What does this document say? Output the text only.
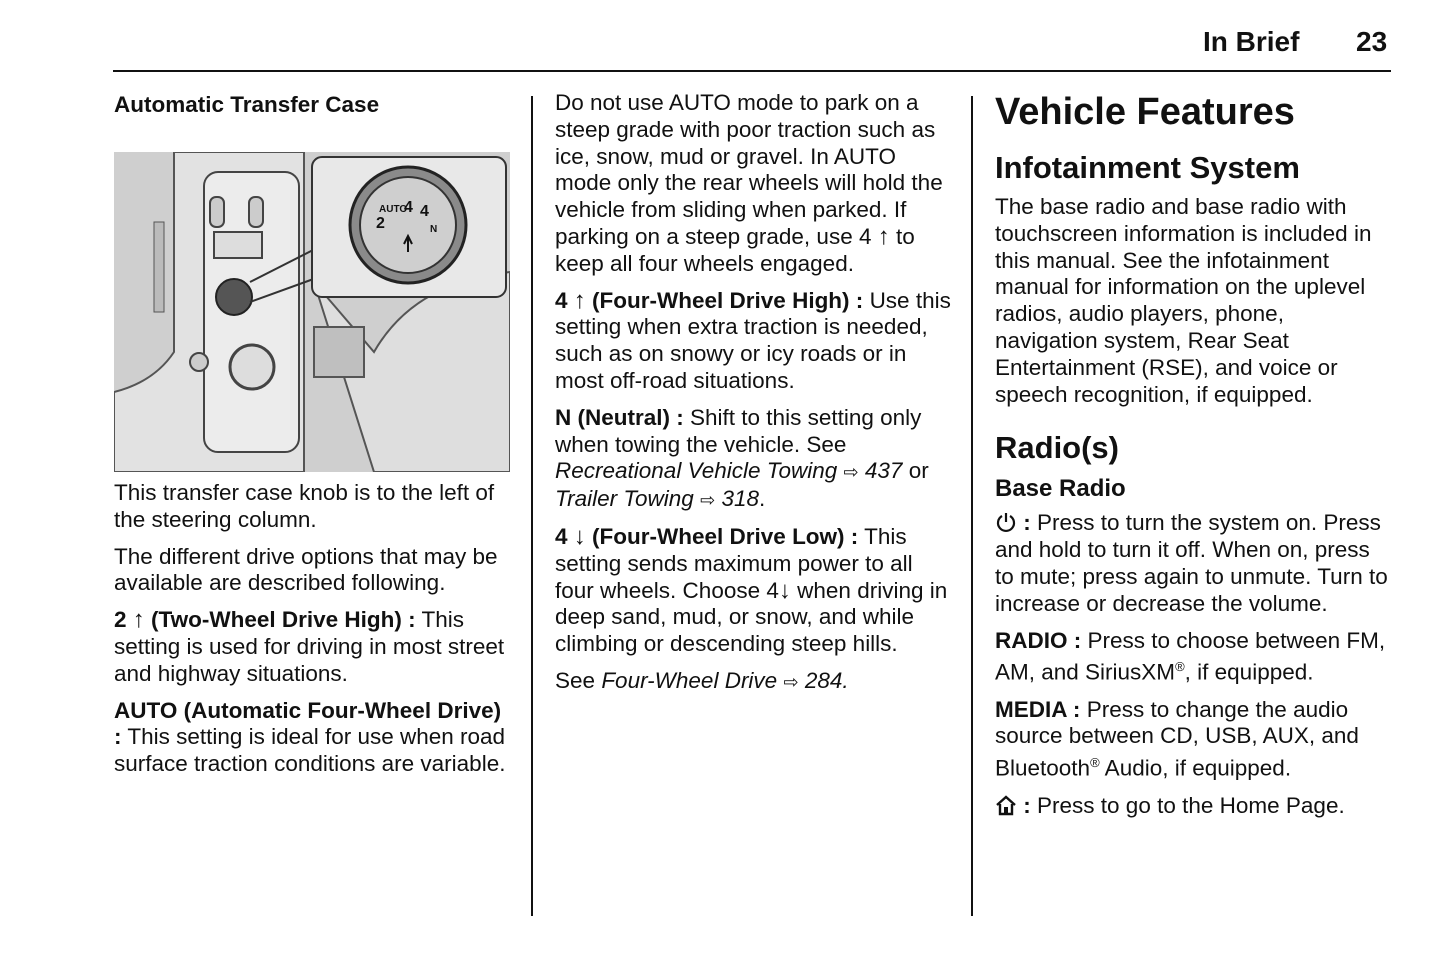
In Brief 23
Automatic Transfer Case
AUTO
4 4
2	N

This transfer case knob is to the left of the steering column.

The different drive options that may be available are described following.

2 ↑ (Two-Wheel Drive High) : This setting is used for driving in most street and highway situations.

AUTO (Automatic Four-Wheel Drive) : This setting is ideal for use when road surface traction conditions are variable.

Do not use AUTO mode to park on a steep grade with poor traction such as ice, snow, mud or gravel. In AUTO mode only the rear wheels will hold the vehicle from sliding when parked. If parking on a steep grade, use 4 ↑ to keep all four wheels engaged.

4 ↑ (Four-Wheel Drive High) : Use this setting when extra traction is needed, such as on snowy or icy roads or in most off-road situations.

N (Neutral) : Shift to this setting only when towing the vehicle. See Recreational Vehicle Towing ⇨ 437 or Trailer Towing ⇨ 318.

4 ↓ (Four-Wheel Drive Low) : This setting sends maximum power to all four wheels. Choose 4↓ when driving in deep sand, mud, or snow, and while climbing or descending steep hills.

See Four-Wheel Drive ⇨ 284.

Vehicle Features
Infotainment System

The base radio and base radio with touchscreen information is included in this manual. See the infotainment manual for information on the uplevel radios, audio players, phone, navigation system, Rear Seat Entertainment (RSE), and voice or speech recognition, if equipped.

Radio(s)
Base Radio

: Press to turn the system on. Press and hold to turn it off. When on, press to mute; press again to unmute. Turn to increase or decrease the volume.

RADIO : Press to choose between FM, AM, and SiriusXM®, if equipped.

MEDIA : Press to change the audio source between CD, USB, AUX, and Bluetooth® Audio, if equipped.

: Press to go to the Home Page.
